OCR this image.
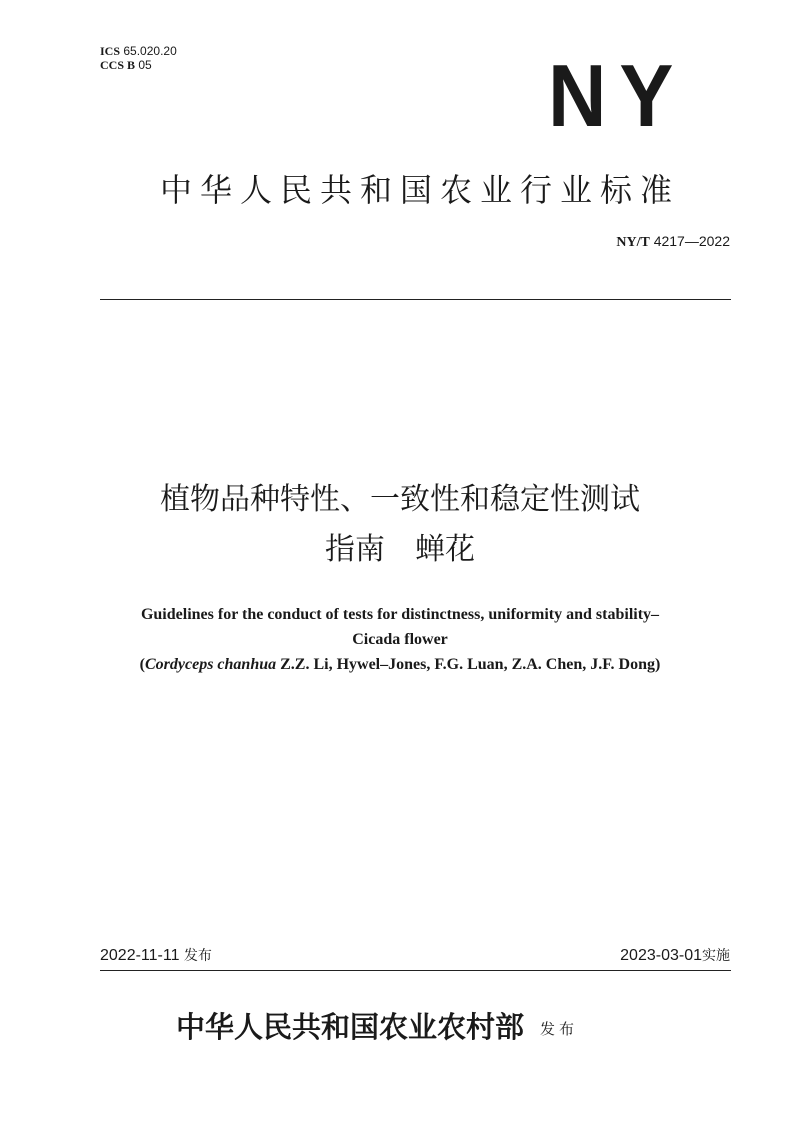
ICS 65.020.20
CCS B 05	NY
中华人民共和国农业行业标准
NY/T 4217—2022
植物品种特性、一致性和稳定性测试
指南 蝉花
Guidelines for the conduct of tests for distinctness, uniformity and stability–
Cicada flower
(Cordyceps chanhua Z.Z. Li, Hywel–Jones, F.G. Luan, Z.A. Chen, J.F. Dong)
2022-11-11 发布	2023-03-01实施
中华人民共和国农业农村部 发布
